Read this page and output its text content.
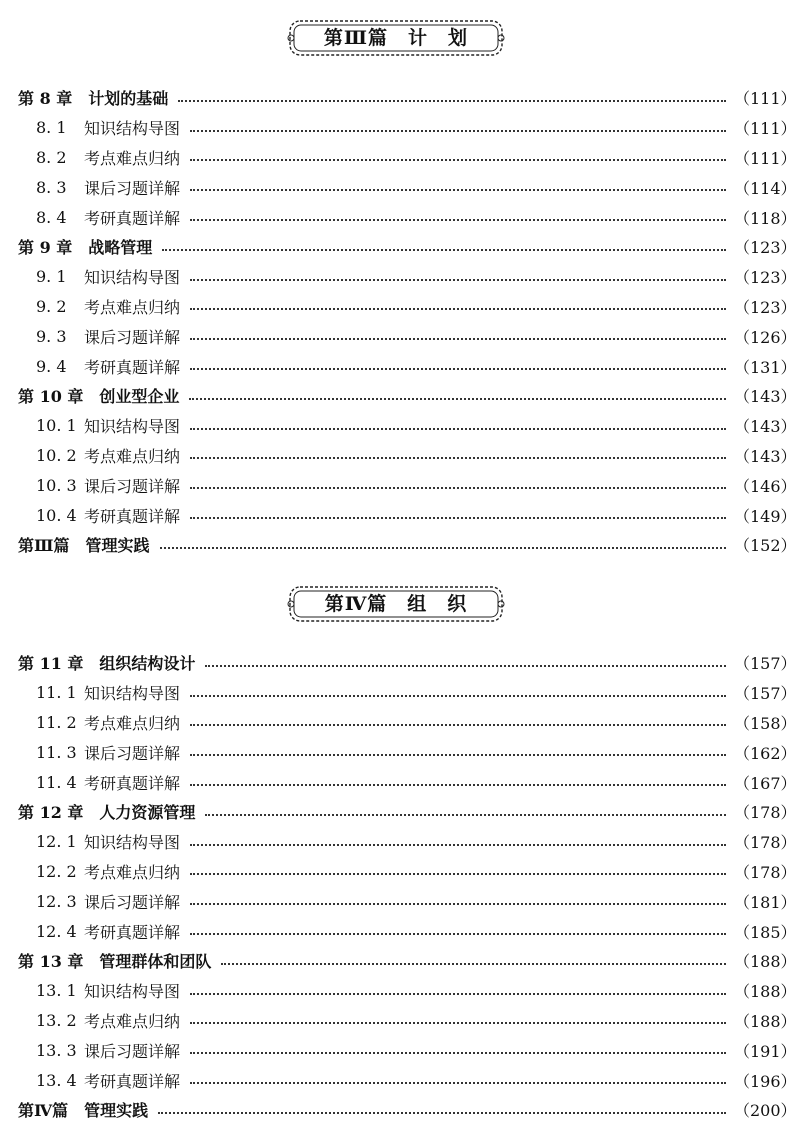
第Ⅲ篇　计　划
第 8 章 计划的基础	（111）
8. 1	知识结构导图	（111）
8. 2	考点难点归纳	（111）
8. 3	课后习题详解	（114）
8. 4	考研真题详解	（118）
第 9 章 战略管理	（123）
9. 1	知识结构导图	（123）
9. 2	考点难点归纳	（123）
9. 3	课后习题详解	（126）
9. 4	考研真题详解	（131）
第 10 章 创业型企业	（143）
10. 1 知识结构导图	（143）
10. 2 考点难点归纳	（143）
10. 3 课后习题详解	（146）
10. 4 考研真题详解	（149）
第Ⅲ篇 管理实践	（152）
第Ⅳ篇　组　织
第 11 章 组织结构设计	（157）
11. 1 知识结构导图	（157）
11. 2 考点难点归纳	（158）
11. 3 课后习题详解	（162）
11. 4 考研真题详解	（167）
第 12 章 人力资源管理	（178）
12. 1 知识结构导图	（178）
12. 2 考点难点归纳	（178）
12. 3 课后习题详解	（181）
12. 4 考研真题详解	（185）
第 13 章 管理群体和团队	（188）
13. 1 知识结构导图	（188）
13. 2 考点难点归纳	（188）
13. 3 课后习题详解	（191）
13. 4 考研真题详解	（196）
第Ⅳ篇 管理实践	（200）
